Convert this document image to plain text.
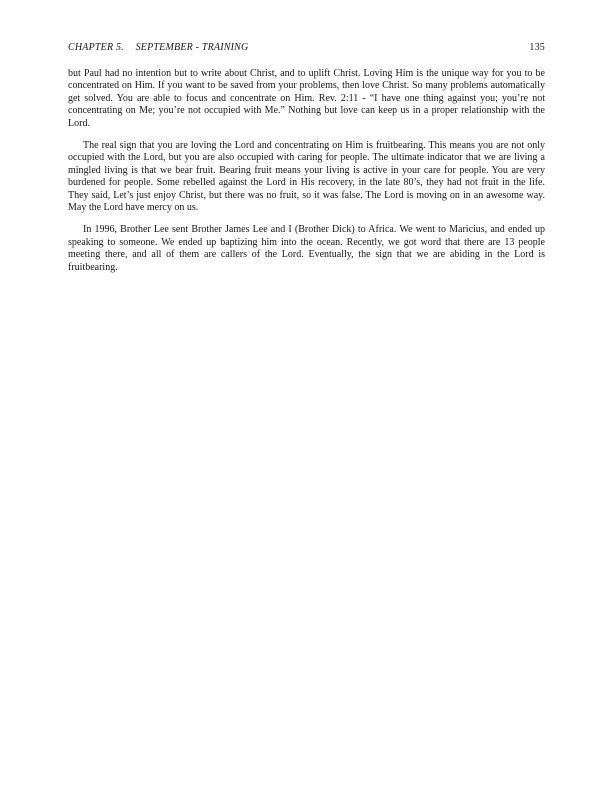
CHAPTER 5. SEPTEMBER - TRAINING	135

but Paul had no intention but to write about Christ, and to uplift Christ. Loving Him is the unique way for you to be concentrated on Him. If you want to be saved from your problems, then love Christ. So many problems automatically get solved. You are able to focus and concentrate on Him. Rev. 2:11 - “I have one thing against you; you’re not concentrating on Me; you’re not occupied with Me.” Nothing but love can keep us in a proper relationship with the Lord.

The real sign that you are loving the Lord and concentrating on Him is fruitbearing. This means you are not only occupied with the Lord, but you are also occupied with caring for people. The ultimate indicator that we are living a mingled living is that we bear fruit. Bearing fruit means your living is active in your care for people. You are very burdened for people. Some rebelled against the Lord in His recovery, in the late 80’s, they had not fruit in the life. They said, Let’s just enjoy Christ, but there was no fruit, so it was false. The Lord is moving on in an awesome way. May the Lord have mercy on us.

In 1996, Brother Lee sent Brother James Lee and I (Brother Dick) to Africa. We went to Maricius, and ended up speaking to someone. We ended up baptizing him into the ocean. Recently, we got word that there are 13 people meeting there, and all of them are callers of the Lord. Eventually, the sign that we are abiding in the Lord is fruitbearing.
